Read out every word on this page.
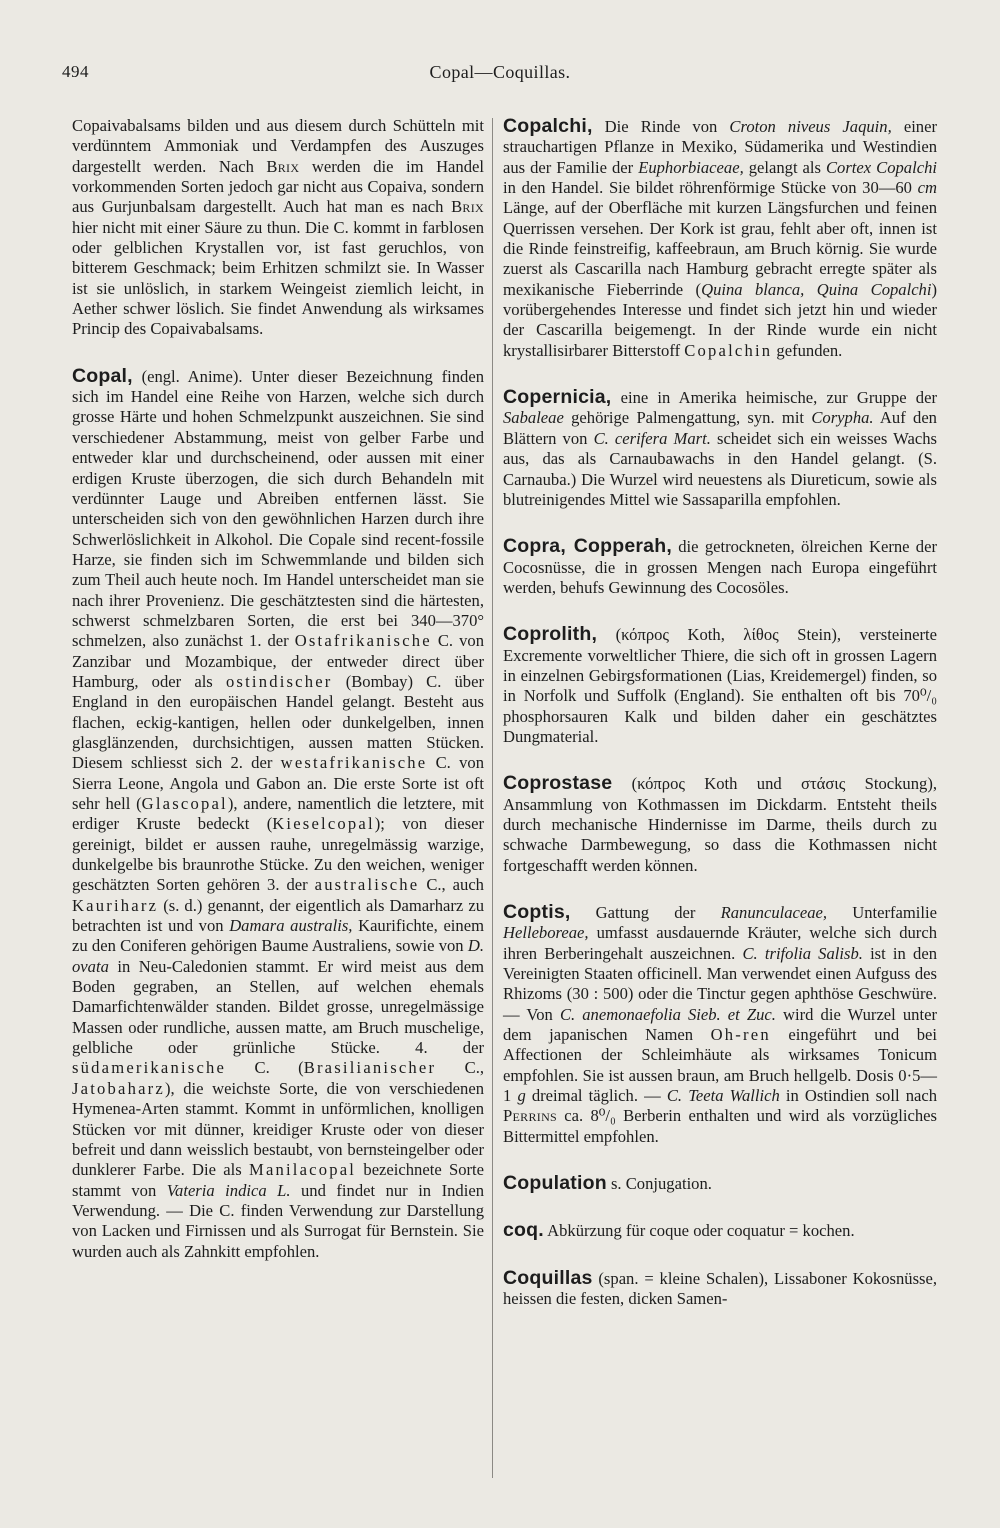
494	Copal—Coquillas.

Copaivabalsams bilden und aus diesem durch Schütteln mit verdünntem Ammoniak und Verdampfen des Auszuges dargestellt werden. Nach Brix werden die im Handel vorkommenden Sorten jedoch gar nicht aus Copaiva, sondern aus Gurjunbalsam dargestellt. Auch hat man es nach Brix hier nicht mit einer Säure zu thun. Die C. kommt in farblosen oder gelblichen Krystallen vor, ist fast geruchlos, von bitterem Geschmack; beim Erhitzen schmilzt sie. In Wasser ist sie unlöslich, in starkem Weingeist ziemlich leicht, in Aether schwer löslich. Sie findet Anwendung als wirksames Princip des Copaivabalsams.

Copal, (engl. Anime). Unter dieser Bezeichnung finden sich im Handel eine Reihe von Harzen, welche sich durch grosse Härte und hohen Schmelzpunkt auszeichnen. Sie sind verschiedener Abstammung, meist von gelber Farbe und entweder klar und durchscheinend, oder aussen mit einer erdigen Kruste überzogen, die sich durch Behandeln mit verdünnter Lauge und Abreiben entfernen lässt. Sie unterscheiden sich von den gewöhnlichen Harzen durch ihre Schwerlöslichkeit in Alkohol. Die Copale sind recent-fossile Harze, sie finden sich im Schwemmlande und bilden sich zum Theil auch heute noch. Im Handel unterscheidet man sie nach ihrer Provenienz. Die geschätztesten sind die härtesten, schwerst schmelzbaren Sorten, die erst bei 340—370° schmelzen, also zunächst 1. der Ostafrikanische C. von Zanzibar und Mozambique, der entweder direct über Hamburg, oder als ostindischer (Bombay) C. über England in den europäischen Handel gelangt. Besteht aus flachen, eckig-kantigen, hellen oder dunkelgelben, innen glasglänzenden, durchsichtigen, aussen matten Stücken. Diesem schliesst sich 2. der westafrikanische C. von Sierra Leone, Angola und Gabon an. Die erste Sorte ist oft sehr hell (Glascopal), andere, namentlich die letztere, mit erdiger Kruste bedeckt (Kieselcopal); von dieser gereinigt, bildet er aussen rauhe, unregelmässig warzige, dunkelgelbe bis braunrothe Stücke. Zu den weichen, weniger geschätzten Sorten gehören 3. der australische C., auch Kauriharz (s. d.) genannt, der eigentlich als Damarharz zu betrachten ist und von Damara australis, Kaurifichte, einem zu den Coniferen gehörigen Baume Australiens, sowie von D. ovata in Neu-Caledonien stammt. Er wird meist aus dem Boden gegraben, an Stellen, auf welchen ehemals Damarfichtenwälder standen. Bildet grosse, unregelmässige Massen oder rundliche, aussen matte, am Bruch muschelige, gelbliche oder grünliche Stücke. 4. der südamerikanische C. (Brasilianischer C., Jatobaharz), die weichste Sorte, die von verschiedenen Hymenea-Arten stammt. Kommt in unförmlichen, knolligen Stücken vor mit dünner, kreidiger Kruste oder von dieser befreit und dann weisslich bestaubt, von bernsteingelber oder dunklerer Farbe. Die als Manilacopal bezeichnete Sorte stammt von Vateria indica L. und findet nur in Indien Verwendung. — Die C. finden Verwendung zur Darstellung von Lacken und Firnissen und als Surrogat für Bernstein. Sie wurden auch als Zahnkitt empfohlen.

Copalchi, Die Rinde von Croton niveus Jaquin, einer strauchartigen Pflanze in Mexiko, Südamerika und Westindien aus der Familie der Euphorbiaceae, gelangt als Cortex Copalchi in den Handel. Sie bildet röhrenförmige Stücke von 30—60 cm Länge, auf der Oberfläche mit kurzen Längsfurchen und feinen Querrissen versehen. Der Kork ist grau, fehlt aber oft, innen ist die Rinde feinstreifig, kaffeebraun, am Bruch körnig. Sie wurde zuerst als Cascarilla nach Hamburg gebracht erregte später als mexikanische Fieberrinde (Quina blanca, Quina Copalchi) vorübergehendes Interesse und findet sich jetzt hin und wieder der Cascarilla beigemengt. In der Rinde wurde ein nicht krystallisirbarer Bitterstoff Copalchin gefunden.

Copernicia, eine in Amerika heimische, zur Gruppe der Sabaleae gehörige Palmengattung, syn. mit Corypha. Auf den Blättern von C. cerifera Mart. scheidet sich ein weisses Wachs aus, das als Carnaubawachs in den Handel gelangt. (S. Carnauba.) Die Wurzel wird neuestens als Diureticum, sowie als blutreinigendes Mittel wie Sassaparilla empfohlen.

Copra, Copperah, die getrockneten, ölreichen Kerne der Cocosnüsse, die in grossen Mengen nach Europa eingeführt werden, behufs Gewinnung des Cocosöles.

Coprolith, (κόπρος Koth, λίθος Stein), versteinerte Excremente vorweltlicher Thiere, die sich oft in grossen Lagern in einzelnen Gebirgsformationen (Lias, Kreidemergel) finden, so in Norfolk und Suffolk (England). Sie enthalten oft bis 70⁰/₀ phosphorsauren Kalk und bilden daher ein geschätztes Dungmaterial.

Coprostase (κόπρος Koth und στάσις Stockung), Ansammlung von Kothmassen im Dickdarm. Entsteht theils durch mechanische Hindernisse im Darme, theils durch zu schwache Darmbewegung, so dass die Kothmassen nicht fortgeschafft werden können.

Coptis, Gattung der Ranunculaceae, Unterfamilie Helleboreae, umfasst ausdauernde Kräuter, welche sich durch ihren Berberingehalt auszeichnen. C. trifolia Salisb. ist in den Vereinigten Staaten officinell. Man verwendet einen Aufguss des Rhizoms (30 : 500) oder die Tinctur gegen aphthöse Geschwüre. — Von C. anemonaefolia Sieb. et Zuc. wird die Wurzel unter dem japanischen Namen Oh-ren eingeführt und bei Affectionen der Schleimhäute als wirksames Tonicum empfohlen. Sie ist aussen braun, am Bruch hellgelb. Dosis 0·5—1 g dreimal täglich. — C. Teeta Wallich in Ostindien soll nach Perrins ca. 8⁰/₀ Berberin enthalten und wird als vorzügliches Bittermittel empfohlen.

Copulation s. Conjugation.

coq. Abkürzung für coque oder coquatur = kochen.

Coquillas (span. = kleine Schalen), Lissaboner Kokosnüsse, heissen die festen, dicken Samen-
